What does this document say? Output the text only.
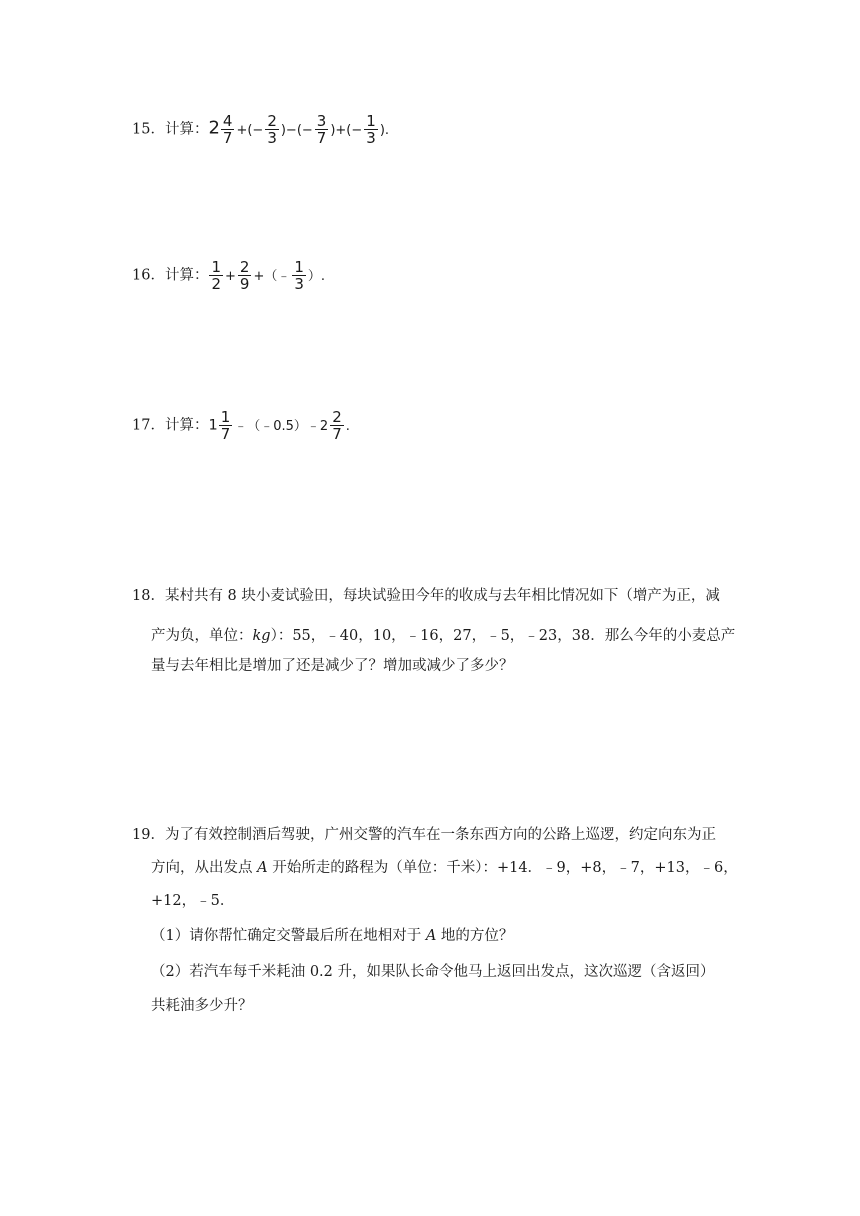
15．计算：$2 \frac{4}{7}$ +(− $\frac{2}{3}$ )−(− $\frac{3}{7}$ )+(− $\frac{1}{3}$ ).
16．计算： $\frac{1}{2} + \frac{2}{9}$ +（﹣ $\frac{1}{3}$ ）.
17．计算：$1 \frac{1}{7}$ ﹣（﹣0.5）﹣2 $\frac{2}{7}$ .
18．某村共有 8 块小麦试验田，每块试验田今年的收成与去年相比情况如下（增产为正，减
产为负，单位：kg）：55，﹣40，10，﹣16，27，﹣5，﹣23，38．那么今年的小麦总产
量与去年相比是增加了还是减少了？增加或减少了多少？
19．为了有效控制酒后驾驶，广州交警的汽车在一条东西方向的公路上巡逻，约定向东为正
方向，从出发点 A 开始所走的路程为（单位：千米）：+14．﹣9，+8，﹣7，+13，﹣6，
+12，﹣5．
（1）请你帮忙确定交警最后所在地相对于 A 地的方位？
（2）若汽车每千米耗油 0.2 升，如果队长命令他马上返回出发点，这次巡逻（含返回）
共耗油多少升？
